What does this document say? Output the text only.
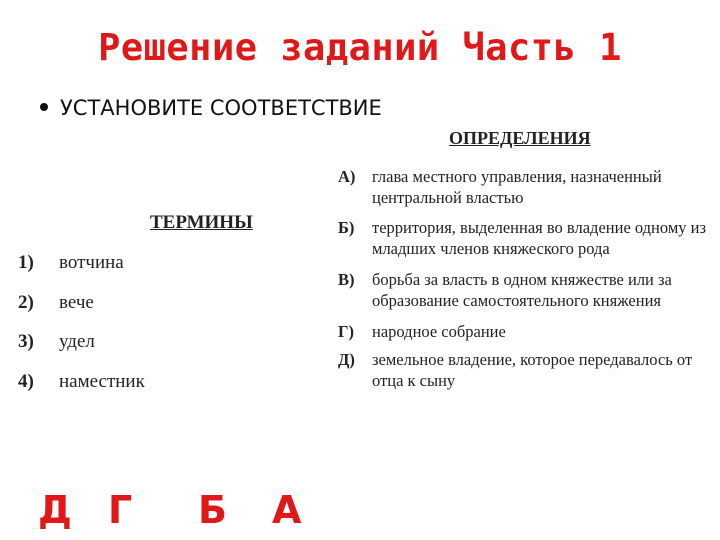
Решение заданий Часть 1
УСТАНОВИТЕ СООТВЕТСТВИЕ
ОПРЕДЕЛЕНИЯ
ТЕРМИНЫ
1) вотчина
2) вече
3) удел
4) наместник
А)	глава местного управления, назначенный центральной властью
Б)	территория, выделенная во владение одному из младших членов княжеского рода
В)	борьба за власть в одном княжестве или за образование самостоятельного княжения
Г)	народное собрание
Д)	земельное владение, которое передавалось от отца к сыну
Д Г Б А
